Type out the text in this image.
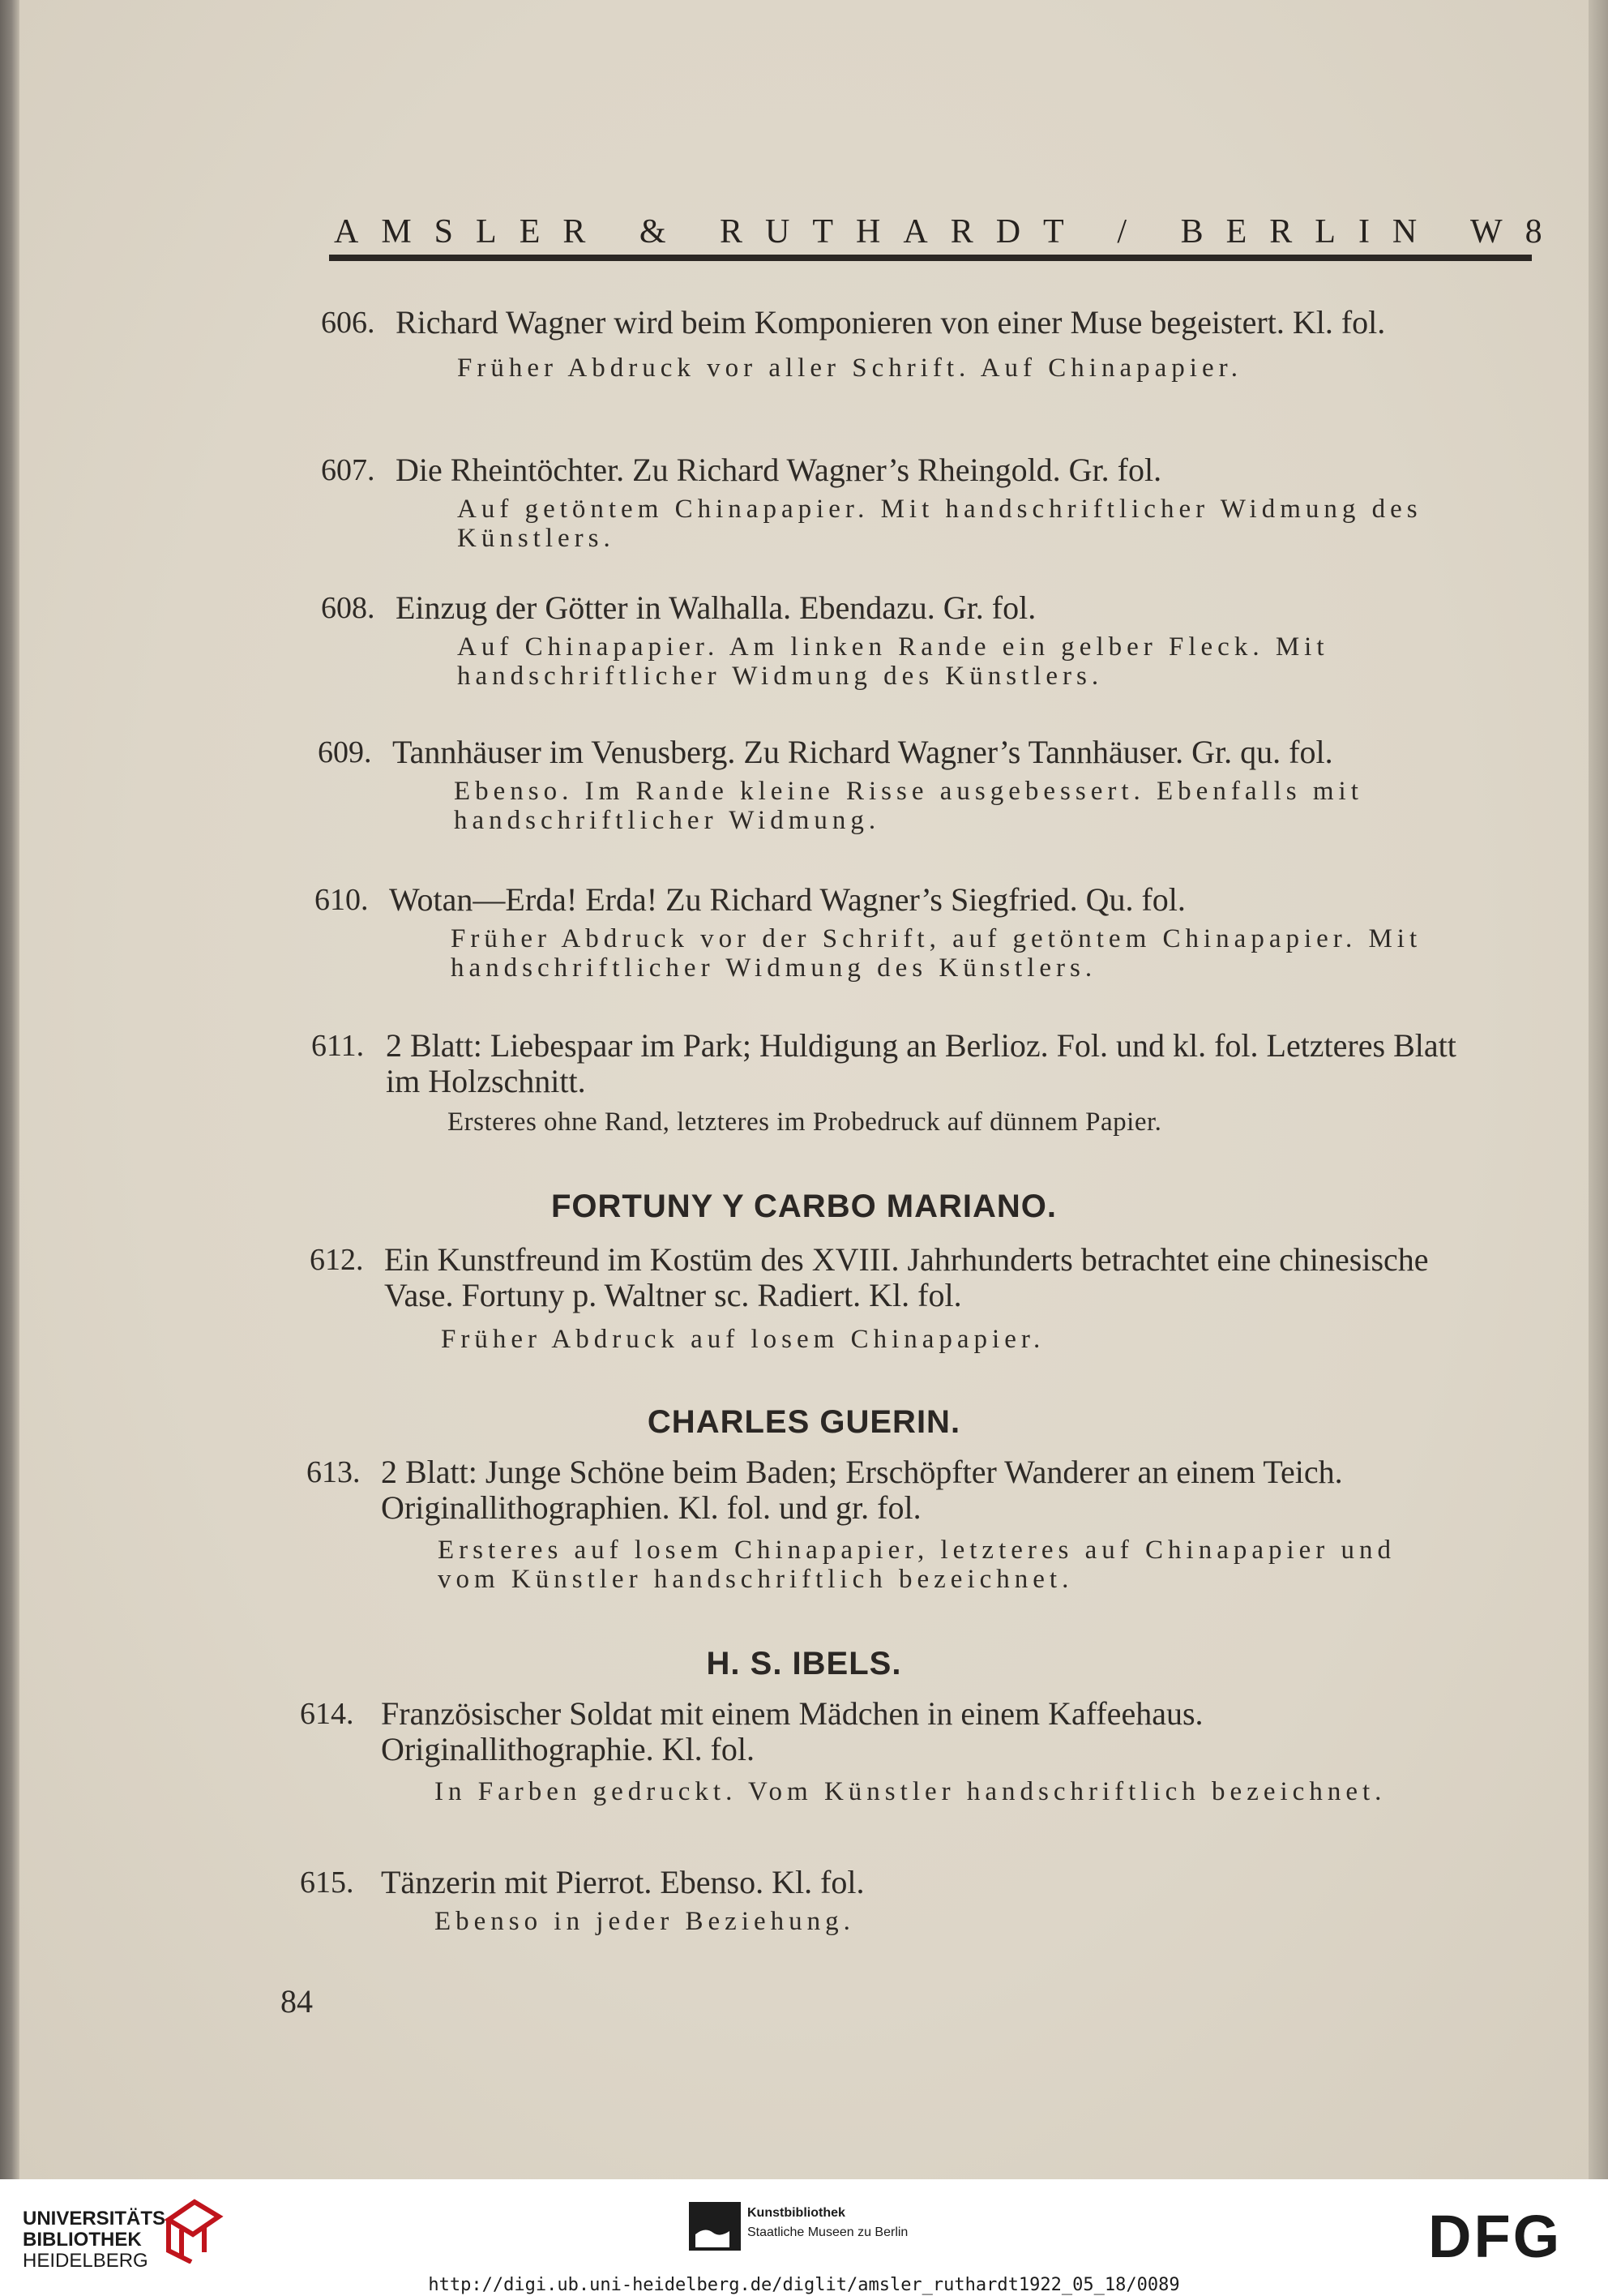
AMSLER & RUTHARDT / BERLIN W8
606. Richard Wagner wird beim Komponieren von einer Muse begeistert. Kl. fol.
Früher Abdruck vor aller Schrift. Auf Chinapapier.
607. Die Rheintöchter. Zu Richard Wagner’s Rheingold. Gr. fol.
Auf getöntem Chinapapier. Mit handschriftlicher Widmung des Künstlers.
608. Einzug der Götter in Walhalla. Ebendazu. Gr. fol.
Auf Chinapapier. Am linken Rande ein gelber Fleck. Mit handschriftlicher Widmung des Künstlers.
609. Tannhäuser im Venusberg. Zu Richard Wagner’s Tannhäuser. Gr. qu. fol.
Ebenso. Im Rande kleine Risse ausgebessert. Ebenfalls mit handschriftlicher Widmung.
610. Wotan—Erda! Erda! Zu Richard Wagner’s Siegfried. Qu. fol.
Früher Abdruck vor der Schrift, auf getöntem Chinapapier. Mit handschriftlicher Widmung des Künstlers.
611. 2 Blatt: Liebespaar im Park; Huldigung an Berlioz. Fol. und kl. fol. Letzteres Blatt im Holzschnitt.
Ersteres ohne Rand, letzteres im Probedruck auf dünnem Papier.
FORTUNY Y CARBO MARIANO.
612. Ein Kunstfreund im Kostüm des XVIII. Jahrhunderts betrachtet eine chinesische Vase. Fortuny p. Waltner sc. Radiert. Kl. fol.
Früher Abdruck auf losem Chinapapier.
CHARLES GUERIN.
613. 2 Blatt: Junge Schöne beim Baden; Erschöpfter Wanderer an einem Teich. Originallithographien. Kl. fol. und gr. fol.
Ersteres auf losem Chinapapier, letzteres auf Chinapapier und vom Künstler handschriftlich bezeichnet.
H. S. IBELS.
614. Französischer Soldat mit einem Mädchen in einem Kaffeehaus. Originallithographie. Kl. fol.
In Farben gedruckt. Vom Künstler handschriftlich bezeichnet.
615. Tänzerin mit Pierrot. Ebenso. Kl. fol.
Ebenso in jeder Beziehung.
84
UNIVERSITÄTS-
BIBLIOTHEK
HEIDELBERG
Kunstbibliothek
Staatliche Museen zu Berlin	DFG
http://digi.ub.uni-heidelberg.de/diglit/amsler_ruthardt1922_05_18/0089
